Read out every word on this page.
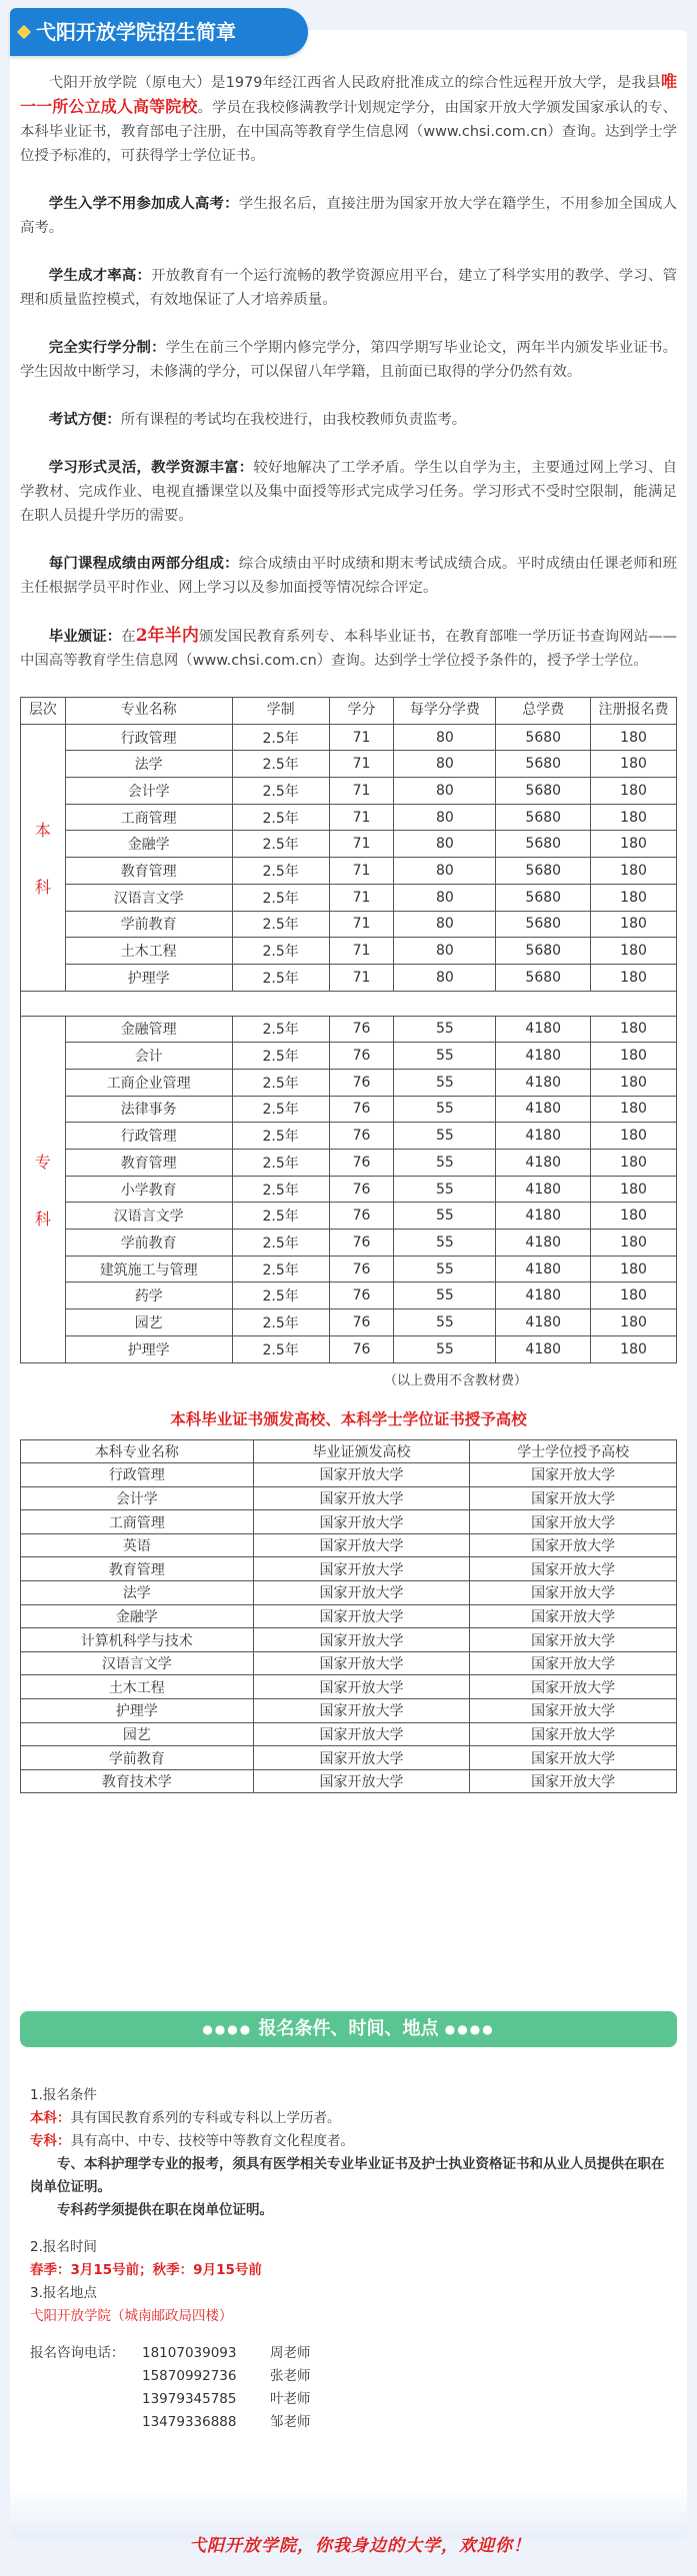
弋阳开放学院招生简章

弋阳开放学院（原电大）是1979年经江西省人民政府批准成立的综合性远程开放大学，是我县唯一一所公立成人高等院校。学员在我校修满教学计划规定学分，由国家开放大学颁发国家承认的专、本科毕业证书，教育部电子注册，在中国高等教育学生信息网（www.chsi.com.cn）查询。达到学士学位授予标准的，可获得学士学位证书。

学生入学不用参加成人高考：学生报名后，直接注册为国家开放大学在籍学生，不用参加全国成人高考。

学生成才率高：开放教育有一个运行流畅的教学资源应用平台，建立了科学实用的教学、学习、管理和质量监控模式，有效地保证了人才培养质量。

完全实行学分制：学生在前三个学期内修完学分，第四学期写毕业论文，两年半内颁发毕业证书。学生因故中断学习，未修满的学分，可以保留八年学籍，且前面已取得的学分仍然有效。

考试方便：所有课程的考试均在我校进行，由我校教师负责监考。

学习形式灵活，教学资源丰富：较好地解决了工学矛盾。学生以自学为主，主要通过网上学习、自学教材、完成作业、电视直播课堂以及集中面授等形式完成学习任务。学习形式不受时空限制，能满足在职人员提升学历的需要。

每门课程成绩由两部分组成：综合成绩由平时成绩和期末考试成绩合成。平时成绩由任课老师和班主任根据学员平时作业、网上学习以及参加面授等情况综合评定。

毕业颁证：在2年半内颁发国民教育系列专、本科毕业证书，在教育部唯一学历证书查询网站——中国高等教育学生信息网（www.chsi.com.cn）查询。达到学士学位授予条件的，授予学士学位。

层次	专业名称	学制	学分	每学分学费	总学费	注册报名费

本
科	行政管理	2.5年	71	80	5680	180
	法学	2.5年	71	80	5680	180
	会计学	2.5年	71	80	5680	180
	工商管理	2.5年	71	80	5680	180
	金融学	2.5年	71	80	5680	180
	教育管理	2.5年	71	80	5680	180
	汉语言文学	2.5年	71	80	5680	180
	学前教育	2.5年	71	80	5680	180
	土木工程	2.5年	71	80	5680	180
	护理学	2.5年	71	80	5680	180

专
科	金融管理	2.5年	76	55	4180	180
	会计	2.5年	76	55	4180	180
	工商企业管理	2.5年	76	55	4180	180
	法律事务	2.5年	76	55	4180	180
	行政管理	2.5年	76	55	4180	180
	教育管理	2.5年	76	55	4180	180
	小学教育	2.5年	76	55	4180	180
	汉语言文学	2.5年	76	55	4180	180
	学前教育	2.5年	76	55	4180	180
	建筑施工与管理	2.5年	76	55	4180	180
	药学	2.5年	76	55	4180	180
	园艺	2.5年	76	55	4180	180
	护理学	2.5年	76	55	4180	180
（以上费用不含教材费）
本科毕业证书颁发高校、本科学士学位证书授予高校
本科专业名称	毕业证颁发高校	学士学位授予高校
行政管理	国家开放大学	国家开放大学
会计学	国家开放大学	国家开放大学
工商管理	国家开放大学	国家开放大学
英语	国家开放大学	国家开放大学
教育管理	国家开放大学	国家开放大学
法学	国家开放大学	国家开放大学
金融学	国家开放大学	国家开放大学
计算机科学与技术	国家开放大学	国家开放大学
汉语言文学	国家开放大学	国家开放大学
土木工程	国家开放大学	国家开放大学
护理学	国家开放大学	国家开放大学
园艺	国家开放大学	国家开放大学
学前教育	国家开放大学	国家开放大学
教育技术学	国家开放大学	国家开放大学
●●●● 报名条件、时间、地点 ●●●●
1.报名条件
本科：具有国民教育系列的专科或专科以上学历者。
专科：具有高中、中专、技校等中等教育文化程度者。
专、本科护理学专业的报考，须具有医学相关专业毕业证书及护士执业资格证书和从业人员提供在职在岗单位证明。
专科药学须提供在职在岗单位证明。
2.报名时间
春季：3月15号前；秋季：9月15号前
3.报名地点
弋阳开放学院（城南邮政局四楼）
报名咨询电话：	18107039093	周老师
15870992736	张老师
13979345785	叶老师
13479336888	邹老师
弋阳开放学院，你我身边的大学，欢迎你！
